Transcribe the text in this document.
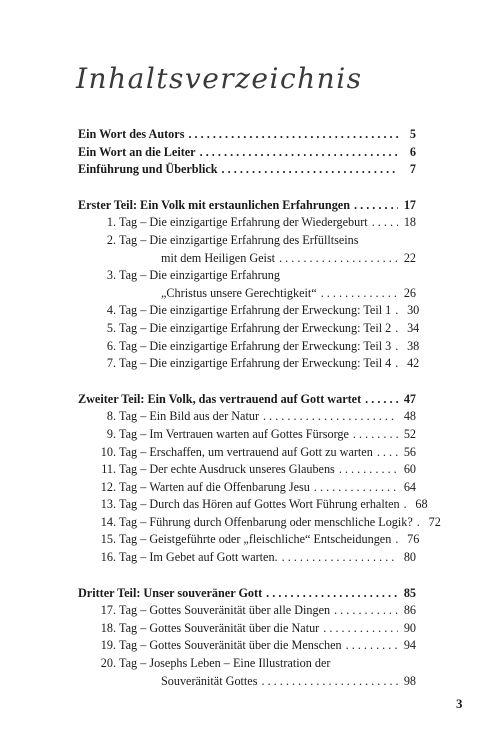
Inhaltsverzeichnis
Ein Wort des Autors . . .	5
Ein Wort an die Leiter . . .	6
Einführung und Überblick . . .	7
Erster Teil: Ein Volk mit erstaunlichen Erfahrungen . . .	17
1.
Tag – Die einzigartige Erfahrung der Wiedergeburt . . .	18
2.
Tag – Die einzigartige Erfahrung des Erfülltseins
mit dem Heiligen Geist . . .	22
3.
Tag – Die einzigartige Erfahrung
„Christus unsere Gerechtigkeit“ . . .	26
4.
Tag – Die einzigartige Erfahrung der Erweckung: Teil 1 . . . 30
5.
Tag – Die einzigartige Erfahrung der Erweckung: Teil 2 . . . 34
6.
Tag – Die einzigartige Erfahrung der Erweckung: Teil 3 . . . 38
7.
Tag – Die einzigartige Erfahrung der Erweckung: Teil 4 . . . 42
Zweiter Teil: Ein Volk, das vertrauend auf Gott wartet . . .	47
8.
Tag – Ein Bild aus der Natur . . .	48
9.
Tag – Im Vertrauen warten auf Gottes Fürsorge . . .	52
10.
Tag – Erschaffen, um vertrauend auf Gott zu warten . . .	56
11.
Tag – Der echte Ausdruck unseres Glaubens . . .	60
12.
Tag – Warten auf die Offenbarung Jesu . . .	64
13.
Tag – Durch das Hören auf Gottes Wort Führung erhalten . . . 68
14.
Tag – Führung durch Offenbarung oder menschliche Logik? . . . 72
15.
Tag – Geistgeführte oder „fleischliche“ Entscheidungen . . . 76
16.
Tag – Im Gebet auf Gott warten. . . .	80
Dritter Teil: Unser souveräner Gott . . .	85
17.
Tag – Gottes Souveränität über alle Dingen . . .	86
18.
Tag – Gottes Souveränität über die Natur . . .	90
19.
Tag – Gottes Souveränität über die Menschen . . .	94
20.
Tag – Josephs Leben – Eine Illustration der
Souveränität Gottes . . .	98
3
